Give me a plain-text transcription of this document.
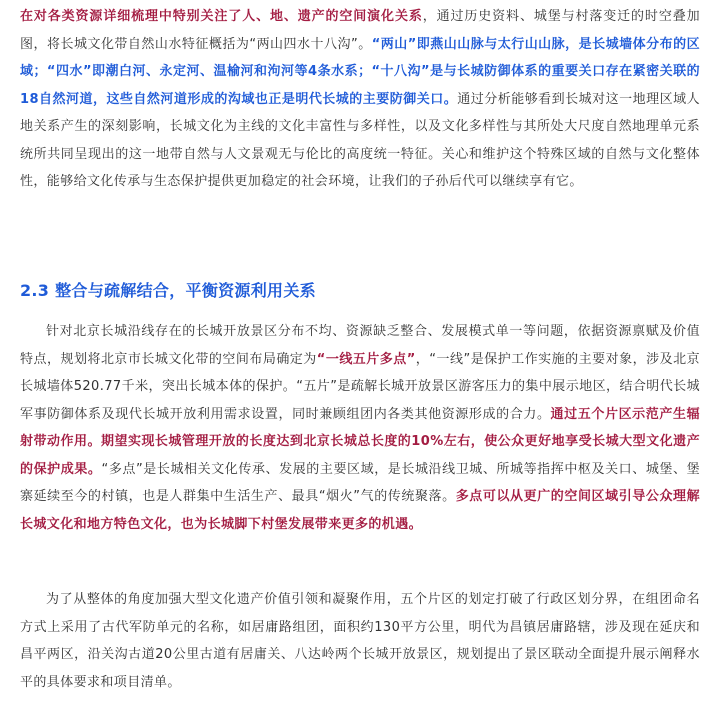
在对各类资源详细梳理中特别关注了人、地、遗产的空间演化关系，通过历史资料、城堡与村落变迁的时空叠加图，将长城文化带自然山水特征概括为“两山四水十八沟”。“两山”即燕山山脉与太行山山脉，是长城墙体分布的区域；“四水”即潮白河、永定河、温榆河和泃河等4条水系；“十八沟”是与长城防御体系的重要关口存在紧密关联的18自然河道，这些自然河道形成的沟域也正是明代长城的主要防御关口。通过分析能够看到长城对这一地理区域人地关系产生的深刻影响，长城文化为主线的文化丰富性与多样性，以及文化多样性与其所处大尺度自然地理单元系统所共同呈现出的这一地带自然与人文景观无与伦比的高度统一特征。关心和维护这个特殊区域的自然与文化整体性，能够给文化传承与生态保护提供更加稳定的社会环境，让我们的子孙后代可以继续享有它。

2.3 整合与疏解结合，平衡资源利用关系

针对北京长城沿线存在的长城开放景区分布不均、资源缺乏整合、发展模式单一等问题，依据资源禀赋及价值特点，规划将北京市长城文化带的空间布局确定为“一线五片多点”，“一线”是保护工作实施的主要对象，涉及北京长城墙体520.77千米，突出长城本体的保护。“五片”是疏解长城开放景区游客压力的集中展示地区，结合明代长城军事防御体系及现代长城开放利用需求设置，同时兼顾组团内各类其他资源形成的合力。通过五个片区示范产生辐射带动作用。期望实现长城管理开放的长度达到北京长城总长度的10%左右，使公众更好地享受长城大型文化遗产的保护成果。“多点”是长城相关文化传承、发展的主要区域，是长城沿线卫城、所城等指挥中枢及关口、城堡、堡寨延续至今的村镇，也是人群集中生活生产、最具“烟火”气的传统聚落。多点可以从更广的空间区域引导公众理解长城文化和地方特色文化，也为长城脚下村堡发展带来更多的机遇。

为了从整体的角度加强大型文化遗产价值引领和凝聚作用，五个片区的划定打破了行政区划分界，在组团命名方式上采用了古代军防单元的名称，如居庸路组团，面积约130平方公里，明代为昌镇居庸路辖，涉及现在延庆和昌平两区，沿关沟古道20公里古道有居庸关、八达岭两个长城开放景区，规划提出了景区联动全面提升展示阐释水平的具体要求和项目清单。
